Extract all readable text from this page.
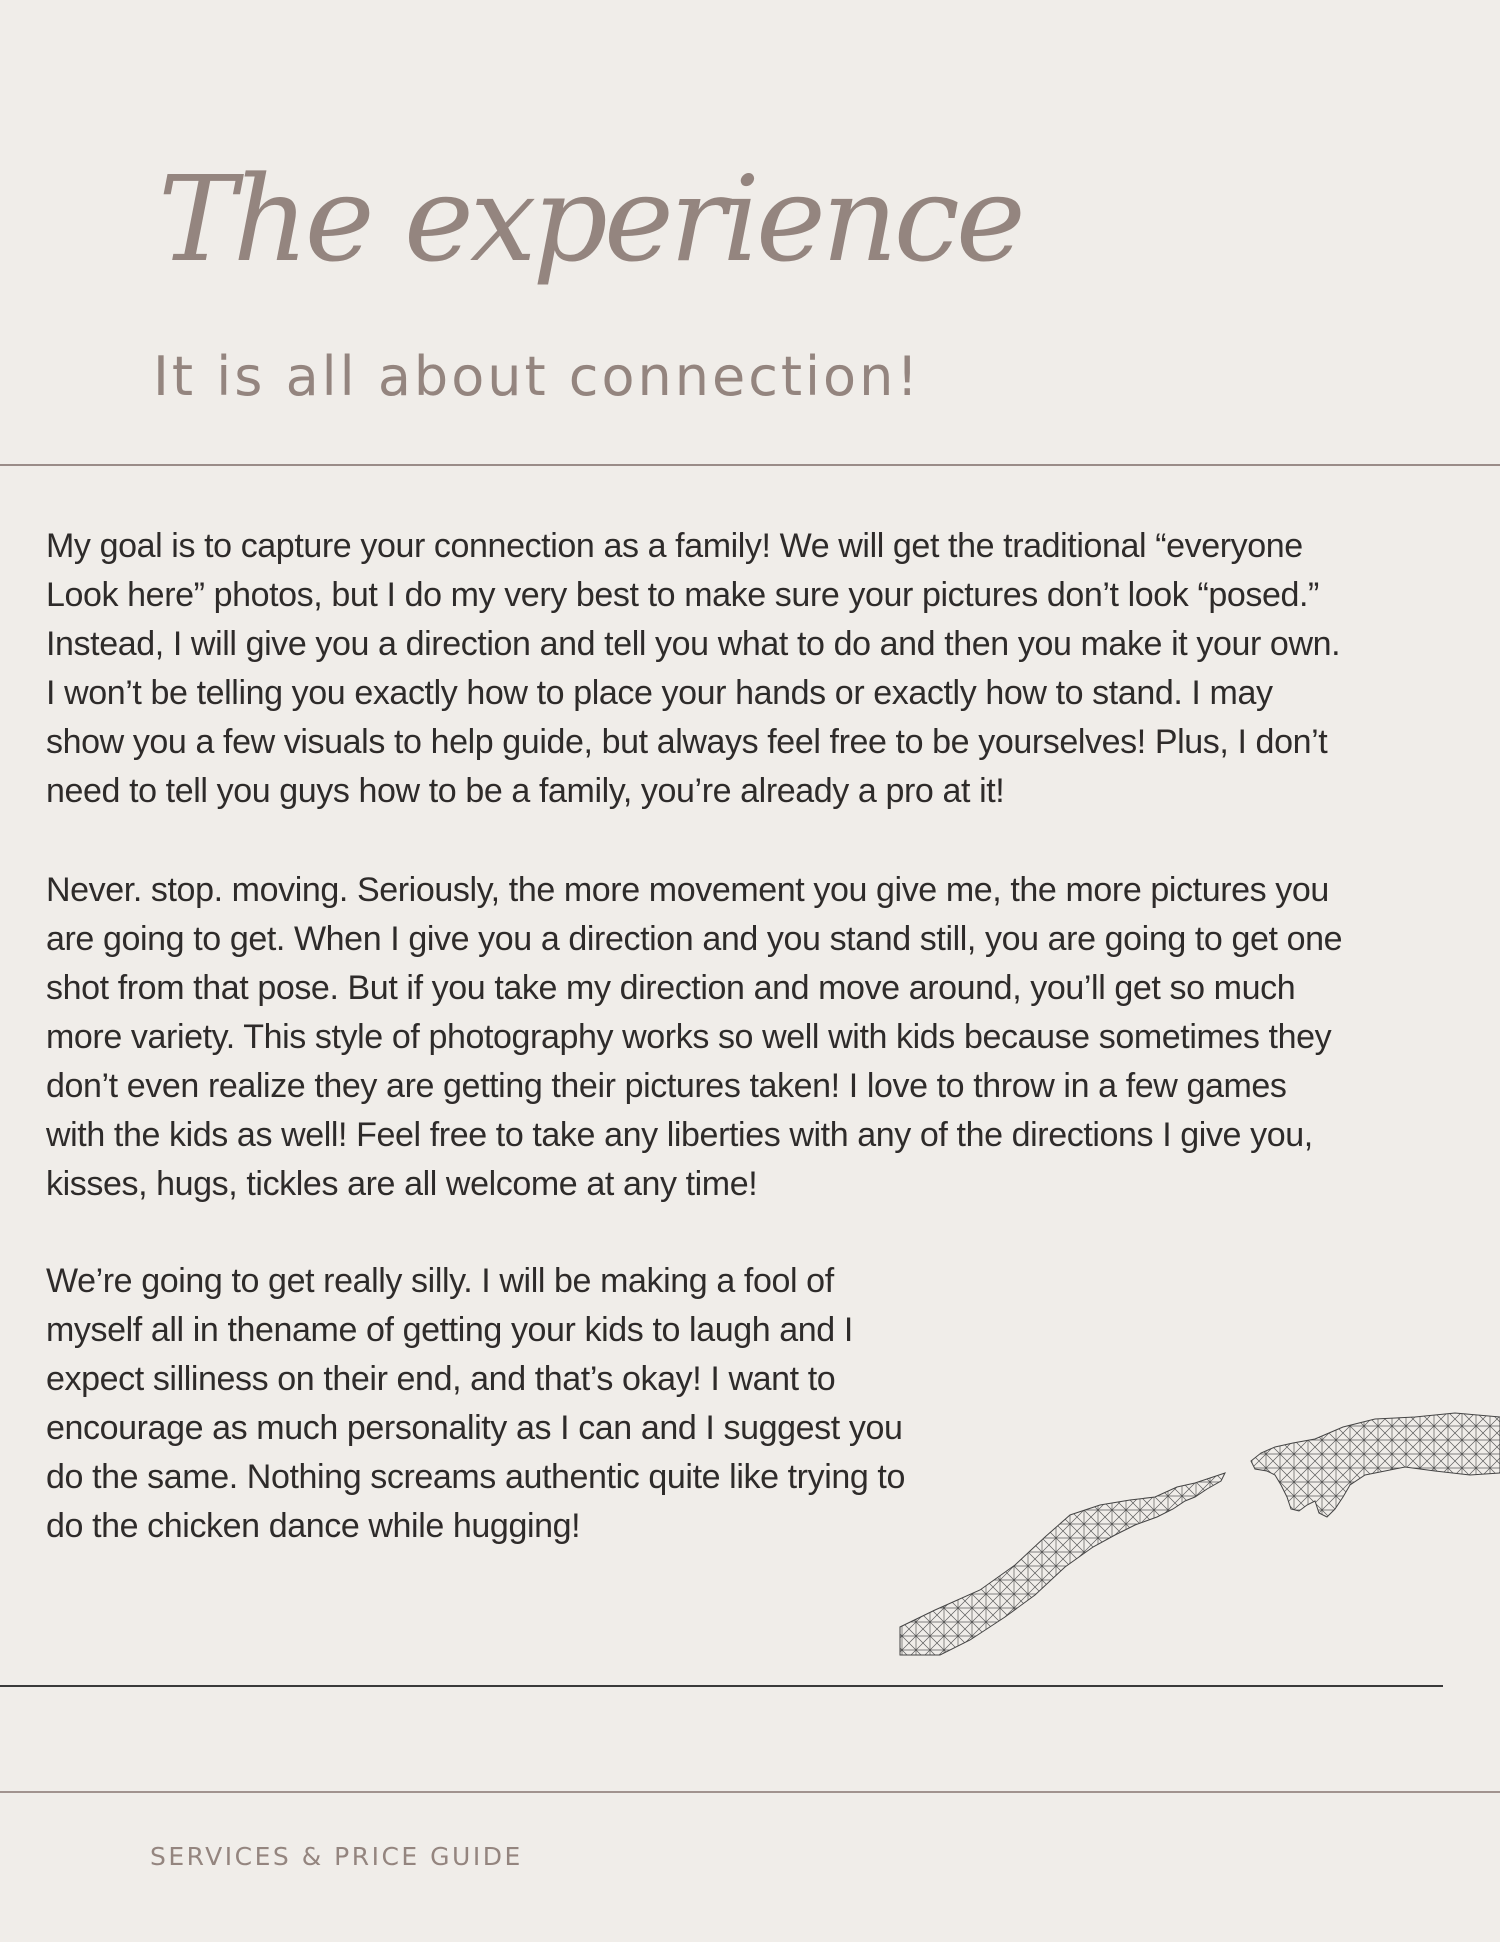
The experience
It is all about connection!

My goal is to capture your connection as a family! We will get the traditional “everyone
Look here” photos, but I do my very best to make sure your pictures don’t look “posed.”
Instead, I will give you a direction and tell you what to do and then you make it your own.
I won’t be telling you exactly how to place your hands or exactly how to stand. I may
show you a few visuals to help guide, but always feel free to be yourselves! Plus, I don’t
need to tell you guys how to be a family, you’re already a pro at it!

Never. stop. moving. Seriously, the more movement you give me, the more pictures you
are going to get. When I give you a direction and you stand still, you are going to get one
shot from that pose. But if you take my direction and move around, you’ll get so much
more variety. This style of photography works so well with kids because sometimes they
don’t even realize they are getting their pictures taken! I love to throw in a few games
with the kids as well! Feel free to take any liberties with any of the directions I give you,
kisses, hugs, tickles are all welcome at any time!

We’re going to get really silly. I will be making a fool of
myself all in thename of getting your kids to laugh and I
expect silliness on their end, and that’s okay! I want to
encourage as much personality as I can and I suggest you
do the same. Nothing screams authentic quite like trying to
do the chicken dance while hugging!

SERVICES & PRICE GUIDE
